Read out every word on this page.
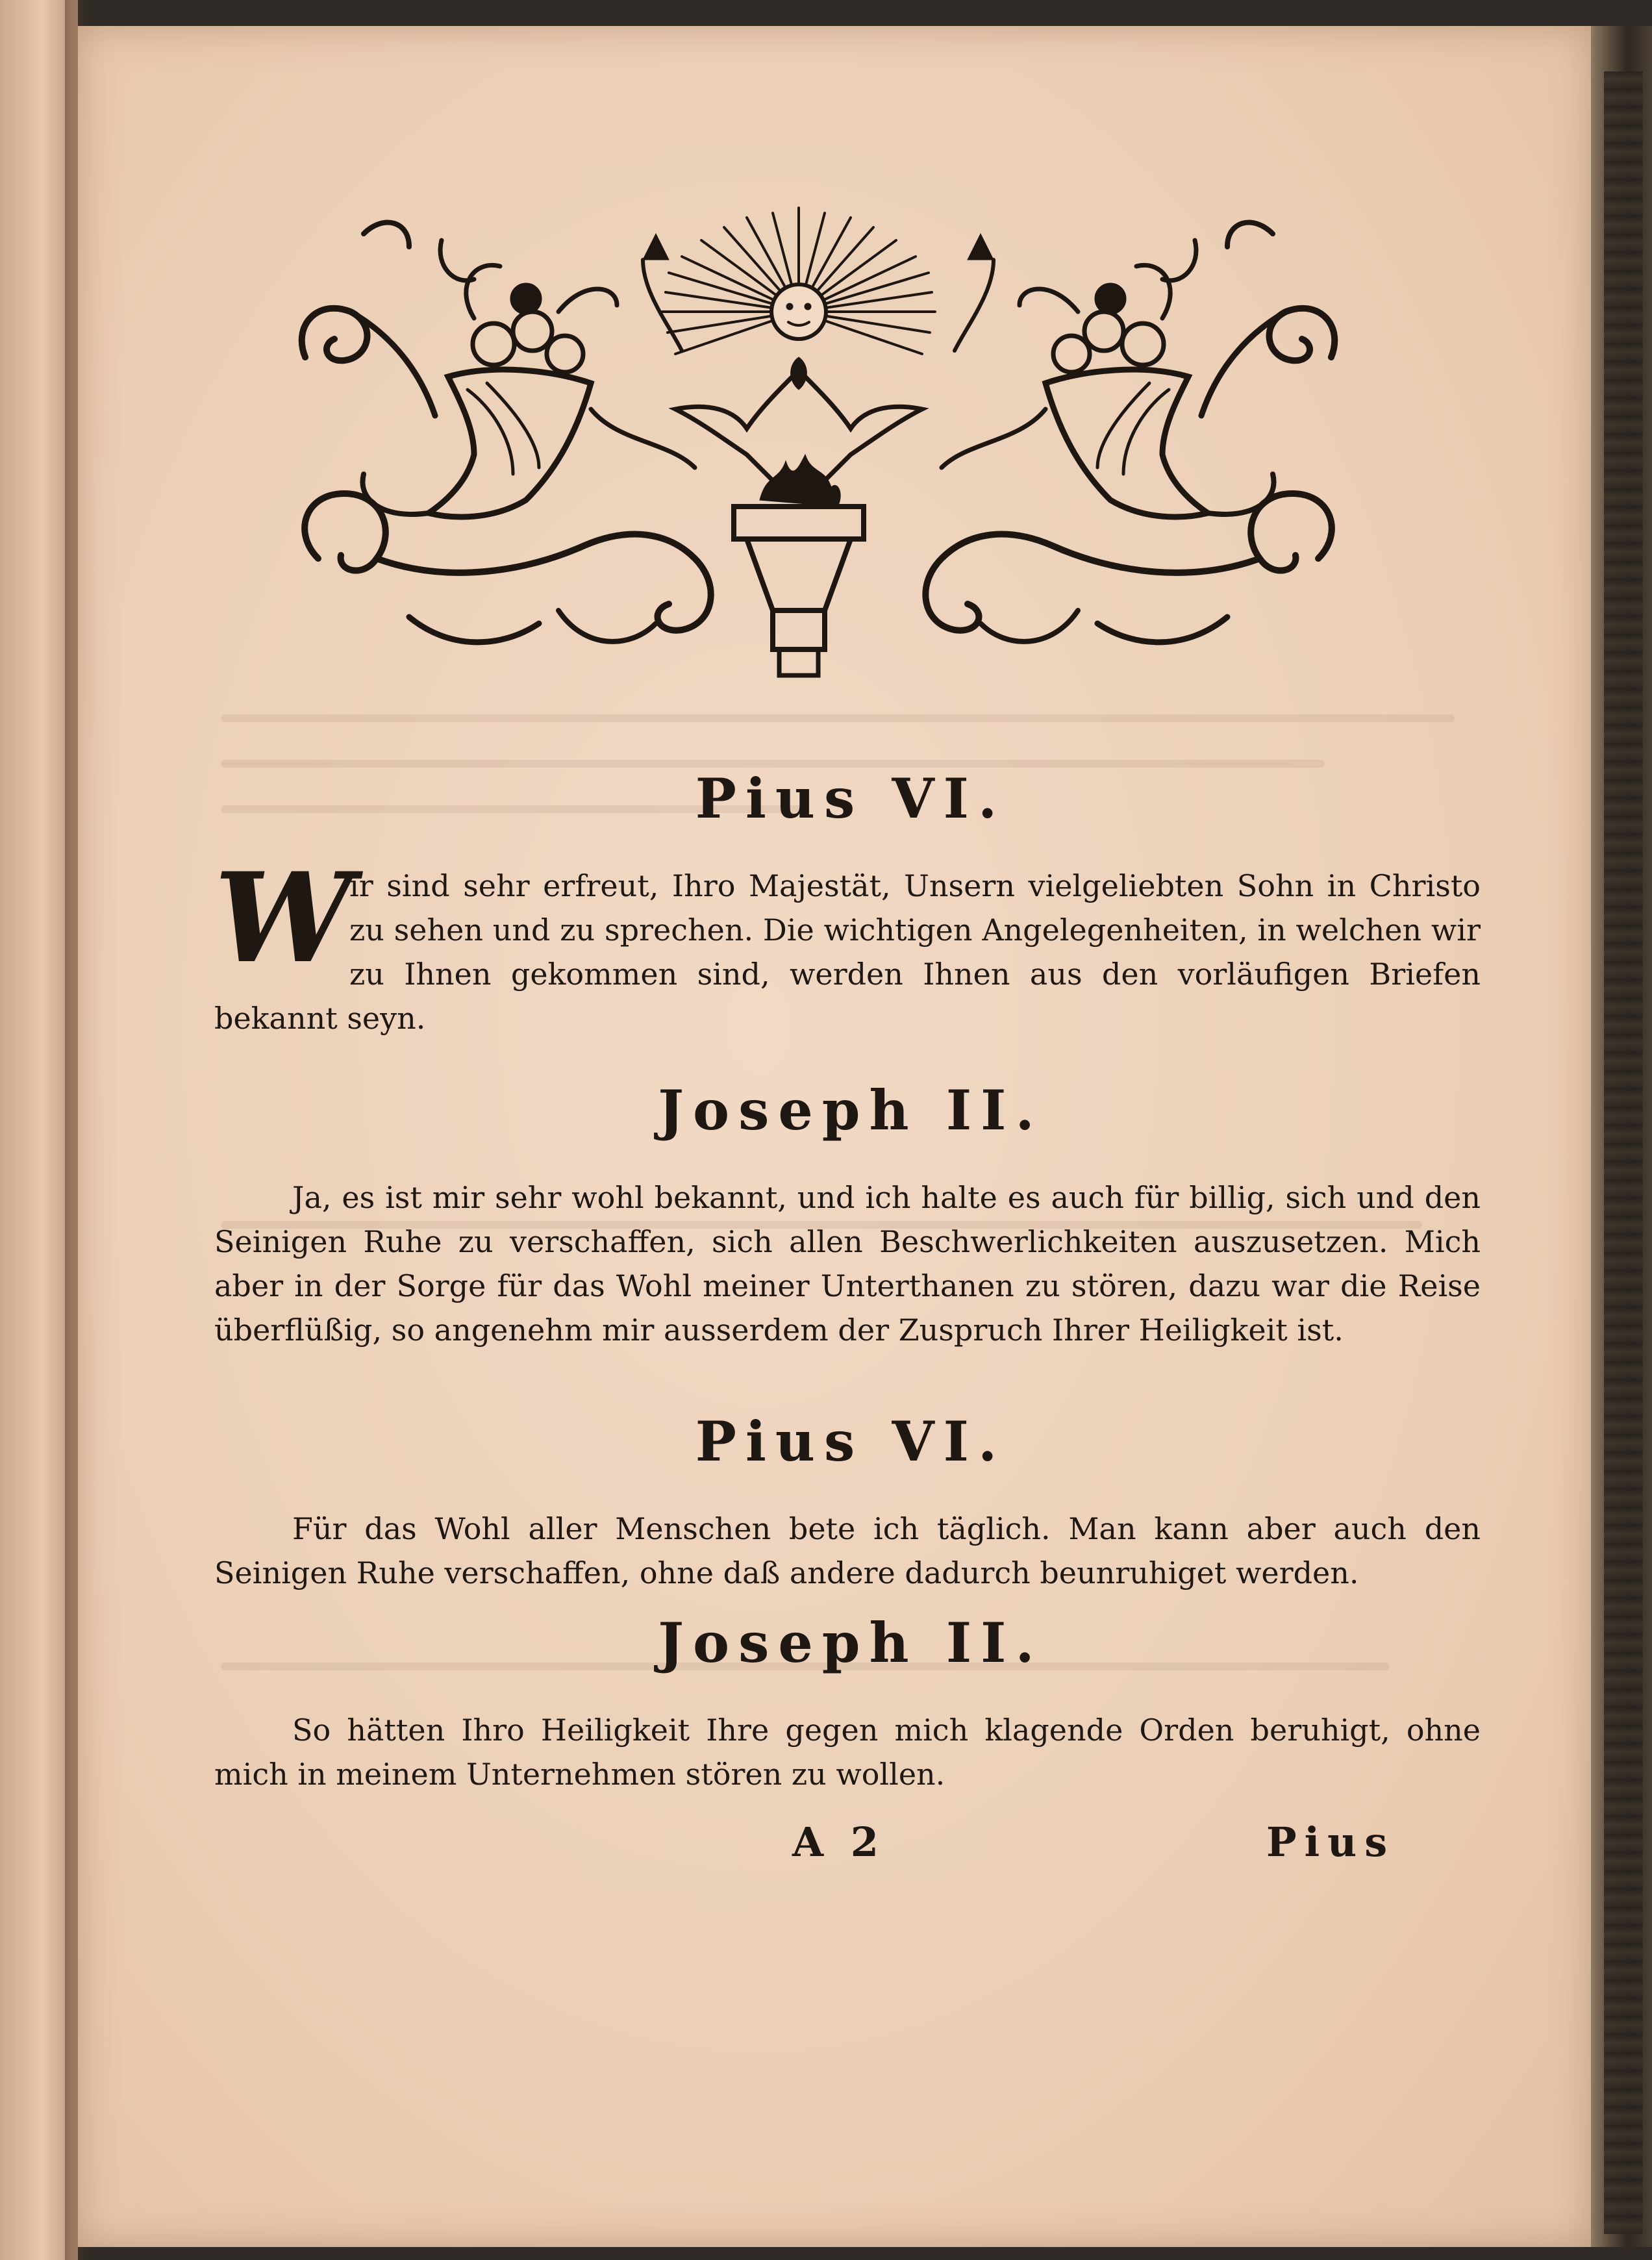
Pius VI.

W
ir sind sehr erfreut, Ihro Majestät, Unsern vielgeliebten Sohn in Christo zu sehen und zu sprechen. Die wichtigen Angelegenheiten, in welchen wir zu Ihnen gekommen sind, werden Ihnen aus den vorläufigen Briefen bekannt seyn.

Joseph II.

Ja, es ist mir sehr wohl bekannt, und ich halte es auch für billig, sich und den Seinigen Ruhe zu verschaffen, sich allen Beschwerlichkeiten auszusetzen. Mich aber in der Sorge für das Wohl meiner Unterthanen zu stören, dazu war die Reise überflüßig, so angenehm mir ausserdem der Zuspruch Ihrer Heiligkeit ist.

Pius VI.

Für das Wohl aller Menschen bete ich täglich. Man kann aber auch den Seinigen Ruhe verschaffen, ohne daß andere dadurch beunruhiget werden.

Joseph II.

So hätten Ihro Heiligkeit Ihre gegen mich klagende Orden beruhigt, ohne mich in meinem Unternehmen stören zu wollen.

A 2	Pius
